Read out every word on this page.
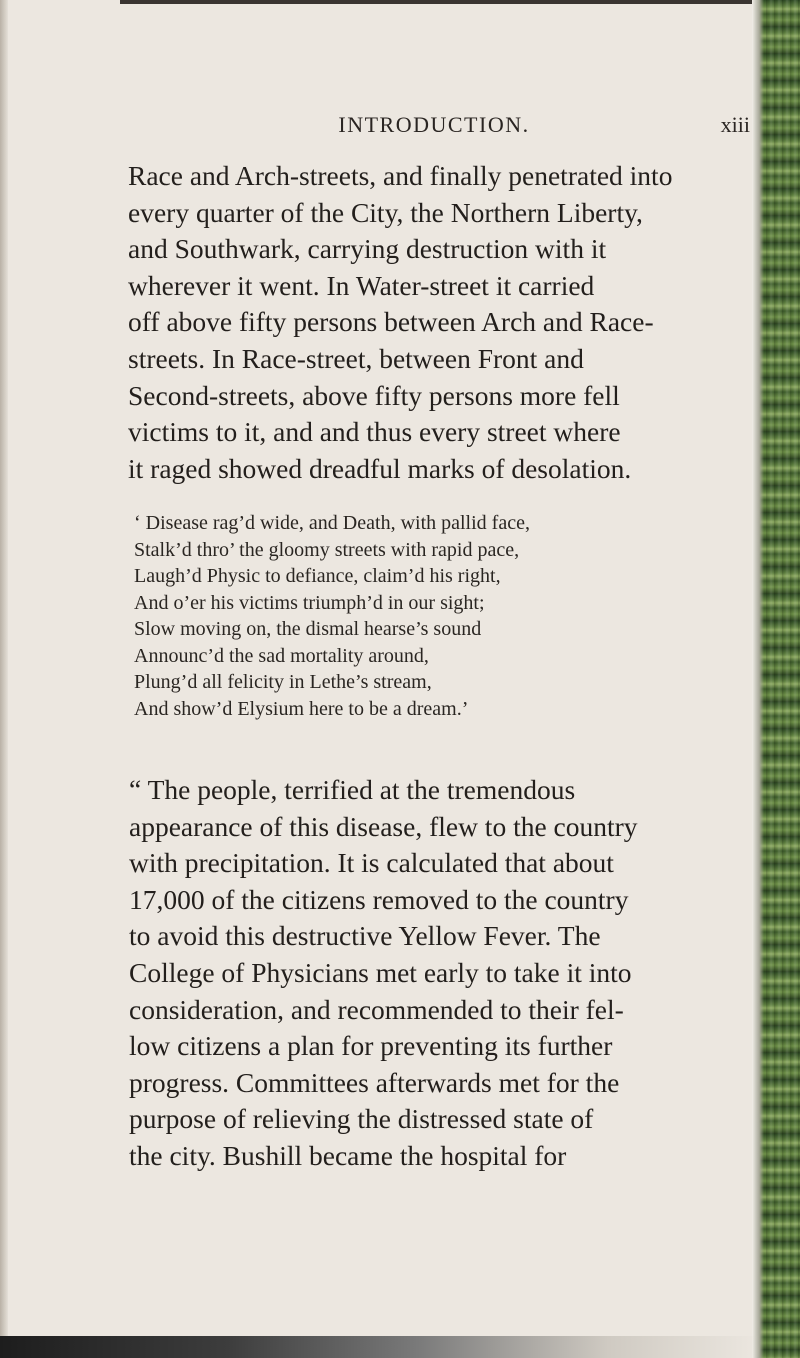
INTRODUCTION.	xiii
Race and Arch-streets, and finally penetrated into
every quarter of the City, the Northern Liberty,
and Southwark, carrying destruction with it
wherever it went. In Water-street it carried
off above fifty persons between Arch and Race-
streets. In Race-street, between Front and
Second-streets, above fifty persons more fell
victims to it, and and thus every street where
it raged showed dreadful marks of desolation.
‘ Disease rag’d wide, and Death, with pallid face,
Stalk’d thro’ the gloomy streets with rapid pace,
Laugh’d Physic to defiance, claim’d his right,
And o’er his victims triumph’d in our sight;
Slow moving on, the dismal hearse’s sound
Announc’d the sad mortality around,
Plung’d all felicity in Lethe’s stream,
And show’d Elysium here to be a dream.’
“ The people, terrified at the tremendous
appearance of this disease, flew to the country
with precipitation. It is calculated that about
17,000 of the citizens removed to the country
to avoid this destructive Yellow Fever. The
College of Physicians met early to take it into
consideration, and recommended to their fel-
low citizens a plan for preventing its further
progress. Committees afterwards met for the
purpose of relieving the distressed state of
the city. Bushill became the hospital for
